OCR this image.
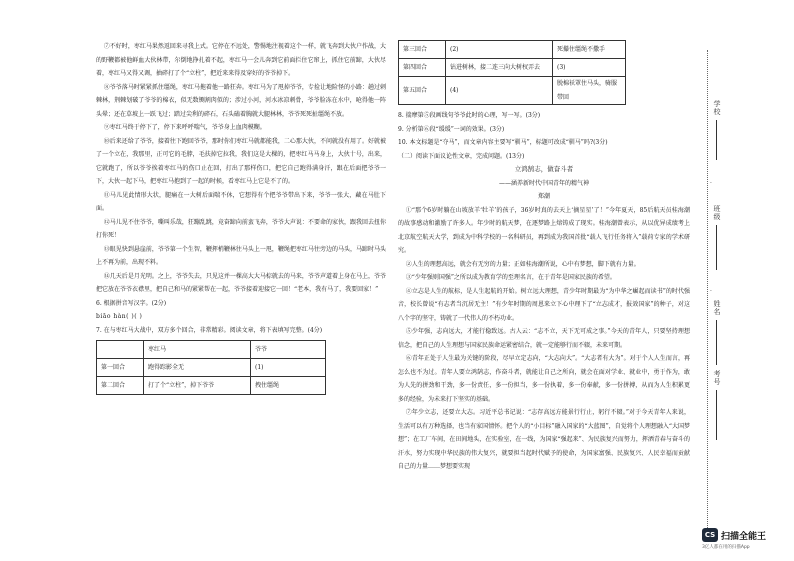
⑦不好时，枣红马果然返回来寻我上式。它停在不远处，警惕地注视着这个一样，就飞奔到大伙户作战，大的野鞭都被他鲜血大伙林带，尔倒地挣扎着不起，枣红马一会儿奔到它前面拦住它窜上，抓住它前蹄，大伙尽着，枣红马又得又调，抽碎打了个“立柱”，把近来来得及穿好的爷爷掉下。

⑧爷爷落马时紧紧抓住缰绳，枣红马拖着他一路狂奔。枣红马为了甩掉爷爷，专捡让地险怪的小路：趟过刺棘林，荆棘划破了爷爷的棉衣，似无数铡割肉似的；涉过小河，河水冰凉刺骨，爷爷脸冻在水中，呛得他一阵头晕；还在草坡上一跃飞过；踏过尖利的碎石，石头磕着胸就大腿林林，爷爷死死扯缰绳不放。

⑨枣红马终于停下了，停下来呼呼喘气，爷爷身上血肉模糊。

⑩后来还给了爷爷，接着往下跑回爷爷，那时你们枣红马就都能我，二心那大伙，不问就没有用了。好就被了一个立在，我那里，正可它的毛脖，毛扶掉它拉我，我们这是大棵的，把枣红马马身上，大伙十号，出来，它就跑了，所以爷爷挨着枣红马的伤口止在回，打出了那样伤口，把它自己跑得满身汗，跟在后面把爷爷一下，大伙一起下马，把枣红马抱到了一起的时候，看枣红马上它是不了的。

⑪马儿见此情形大状，腿痛在一大树后面喘不休，它想得有个把爷爷带出下来，爷爷一张大，藏在马肚下面。

⑫马儿见不住爷爷，嘶叫乐哉，狂蹦乱跳，竟奋蹄向前蛮飞奔，爷爷大声说：不要命的家伙，跟我回去扭你打你死！

⑬眼见快到悬崖前，爷爷第一个生智，鞭挥梢鞭林往马头上一甩，鞭绳把枣红马往旁边的马头，马蹄时马头上不再为前，出现不料。

⑭几天后是月光明。之上，爷爷失去，只见这并一棵高大大马棕就去的马来，爷爷声道着上身在马上，爷爷把它放在爷爷衣襟里，把自己和马的紧紧帮在一起，爷爷接着迎接它一回！“老本，我有马了，我要回家！”

6. 根据拼音写汉字。(2分)

biāo hàn( )( )

7. 在与枣红马大战中，双方多个回合，非常精彩。阅读文章，将下表填写完整。(4分)

	枣红马	爷爷
第一回合	跑得踪影全无	(1)
第二回合	打了个“立柱”，掉下爷爷	拽住缰绳
第三回合	(2)	死攥住缰绳不撒手
第四回合	钻进树林，接二连三向大树杈弄去	(3)
第五回合	(4)	脱棉袄罩住马头，骑服带回

8. 揣摩第⑤段画线句爷爷此时的心理，写一写。(3分)

9. 分析第⑥段“缓缓”一词的效果。(3分)

10. 本文标题是“夺马”，而文章内容主要写“驯马”，标题可改成“驯马”吗?(3分)

（二）阅读下面议论性文章，完成问题。(13分)

立鸿鹄志，做奋斗者

——涵养新时代中国青年的精气神

郑潮

①“那个6岁时躺在山坡放羊‘牡羊’的孩子，36岁时真的去天上‘摘星星’了！”今年夏天，85后航天员桂海潮的故事感动和激励了许多人。年少时的航天梦，在逐梦路上熔铸成了现实。桂海潮曾表示，从以优异成绩考上北京航空航天大学，到成为中科学校的一名科研员，再到成为我国首批“载人飞行任务将入”载荷专家的学术研究。

②人生的理想高远，就会有无穷的力量；正如桂海潮所说，心中有梦想，脚下就有力量。

③“少年强则国强”之所以成为教育学的至理名言，在于青年是国家民族的希望。

④立志是人生的航标，是人生起航的开始。树立远大理想，青少年时期最为“为中华之崛起而读书”的时代强音，校长曾说“有志者当沉居无主！”有少年时期的周恩来立下心中理下了“立志成才，报效国家”的种子，对这八个字的坚守，铸就了一代伟人的不朽功业。

⑤少年强，志向远大，才能行稳致远。古人云：“志不立，天下无可成之事。”今天的青年人，只要坚持理想信念，把自己的人生理想与国家民族命运紧密结合，就一定能够行而不辍，未来可期。

⑥青年正处于人生最为关键的阶段，尽早立定志向，“大志向大”。“大志者有大为”。对于个人人生而言，再怎么也不为过。青年人要立鸿鹄志，作奋斗者，就能让自己之所向，就会在面对学业、就业中，勇于作为，敢为人先的拼劲和干劲，多一份责任，多一份担当，多一份执着，多一份奉献，多一份拼搏，从而为人生积累更多的经验，为未来打下坚实的基础。

⑦年少立志，还要立大志。习近平总书记说：“志存高远方能景行行止，躬行不辍。”对于今天青年人来说，生活可以有万种选择，也当有家国情怀。把个人的“小目标”融入国家的“大蓝图”，自觉将个人理想融入“大国梦想”；在工厂车间，在田间地头，在实验室，在一线，为国家“强起来”、为民族复兴而努力，挥洒青春与奋斗的汗水，努力实现中华民族的伟大复兴，就要担当起时代赋予的使命，为国家富强、民族复兴、人民幸福而贡献自己的力量……梦想要实现

学校
·
班级
·
姓名
考号
CS 扫描全能王
3亿人都在用的扫描App
